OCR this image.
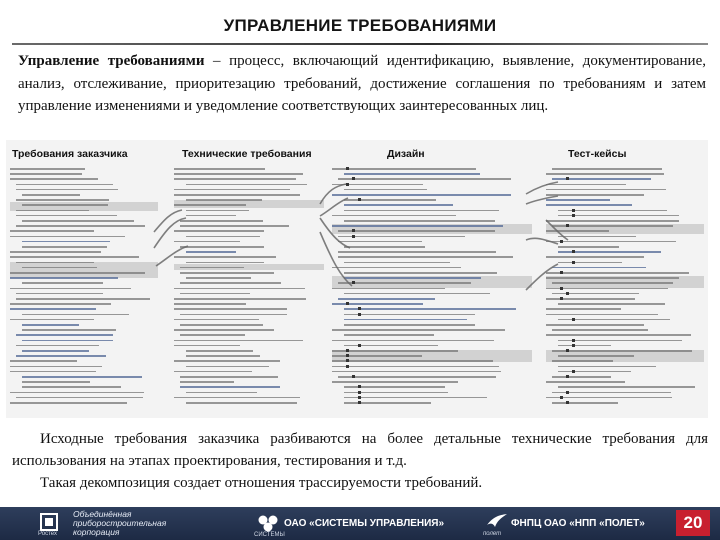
УПРАВЛЕНИЕ ТРЕБОВАНИЯМИ
Управление требованиями – процесс, включающий идентификацию, выявление, документирование, анализ, отслеживание, приоритезацию требований, достижение соглашения по требованиям и затем управление изменениями и уведомление соответствующих заинтересованных лиц.
Требования заказчика	Технические требования	Дизайн	Тест-кейсы

Исходные требования заказчика разбиваются на более детальные технические требования для использования на этапах проектирования, тестирования и т.д.

Такая декомпозиция создает отношения трассируемости требований.

Ростех
Объединённая
приборостроительная
корпорация	СИСТЕМЫ
ОАО «СИСТЕМЫ УПРАВЛЕНИЯ»
полет
ФНПЦ ОАО «НПП «ПОЛЕТ»	20
